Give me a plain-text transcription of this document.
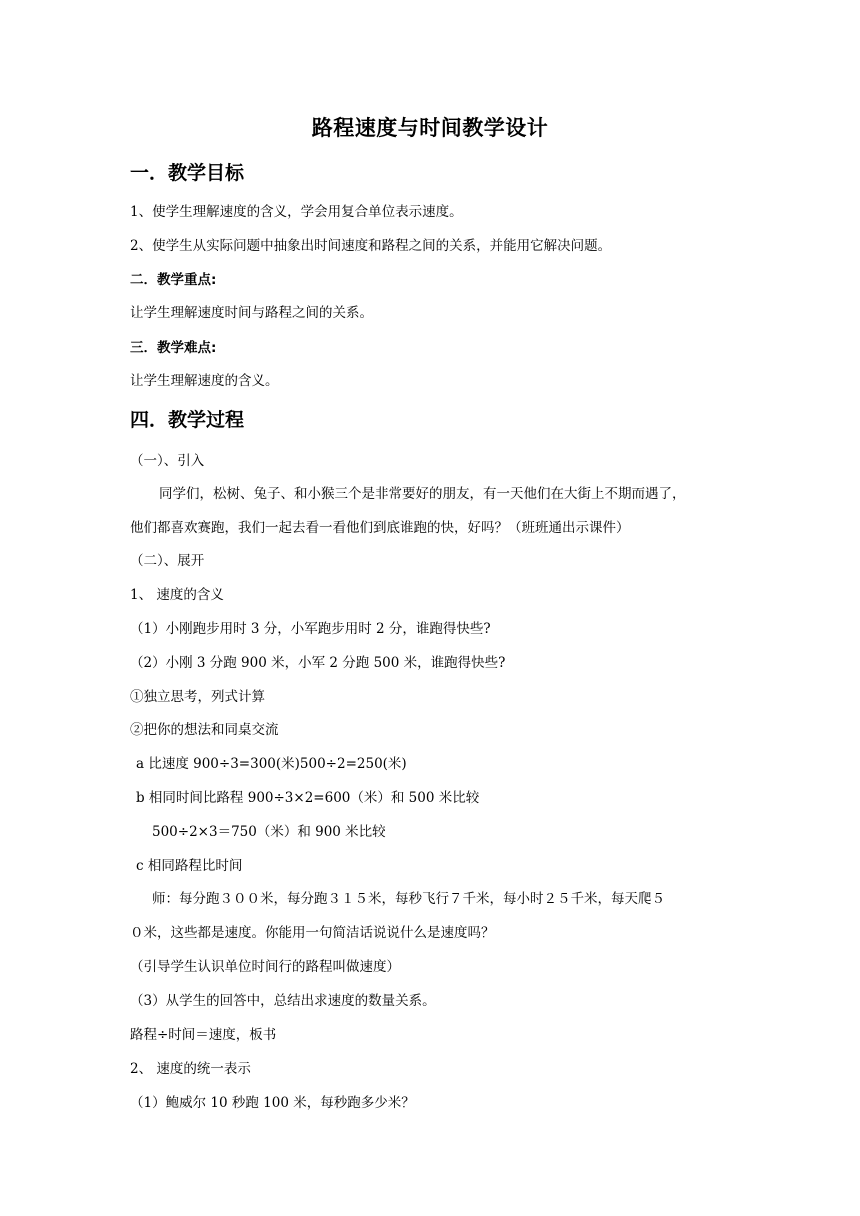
路程速度与时间教学设计
一．教学目标
1、使学生理解速度的含义，学会用复合单位表示速度。
2、使学生从实际问题中抽象出时间速度和路程之间的关系，并能用它解决问题。
二．教学重点:
让学生理解速度时间与路程之间的关系。
三．教学难点:
让学生理解速度的含义。
四．教学过程
（一）、引入
同学们，松树、兔子、和小猴三个是非常要好的朋友，有一天他们在大街上不期而遇了，
他们都喜欢赛跑，我们一起去看一看他们到底谁跑的快，好吗？（班班通出示课件）
（二）、展开
1、 速度的含义
（1）小刚跑步用时 3 分，小军跑步用时 2 分，谁跑得快些?
（2）小刚 3 分跑 900 米，小军 2 分跑 500 米，谁跑得快些?
①独立思考，列式计算
②把你的想法和同桌交流
a 比速度 900÷3=300(米)500÷2=250(米)
b 相同时间比路程 900÷3×2=600（米）和 500 米比较
500÷2×3＝750（米）和 900 米比较
c 相同路程比时间
师：每分跑３００米，每分跑３１５米，每秒飞行７千米，每小时２５千米，每天爬５
０米，这些都是速度。你能用一句简洁话说说什么是速度吗？
（引导学生认识单位时间行的路程叫做速度）
（3）从学生的回答中，总结出求速度的数量关系。
路程÷时间＝速度，板书
2、 速度的统一表示
（1）鲍威尔 10 秒跑 100 米，每秒跑多少米？
